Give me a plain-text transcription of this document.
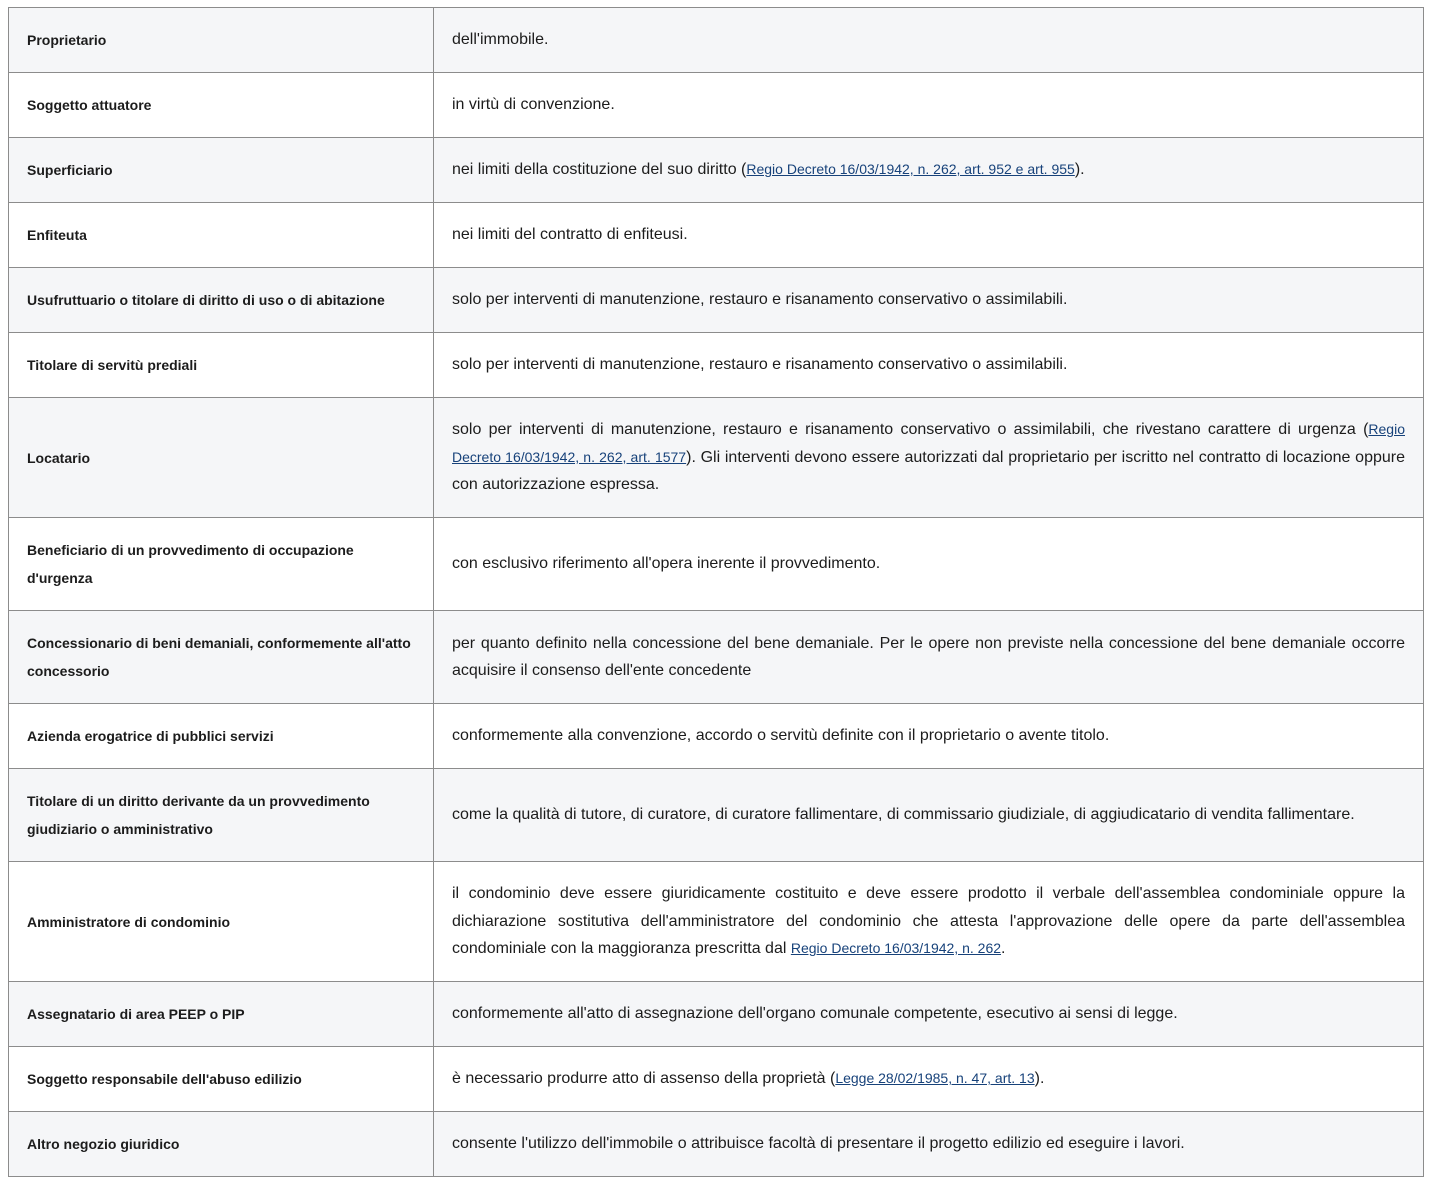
Proprietario	dell'immobile.
Soggetto attuatore	in virtù di convenzione.
Superficiario	nei limiti della costituzione del suo diritto (Regio Decreto 16/03/1942, n. 262, art. 952 e art. 955).
Enfiteuta	nei limiti del contratto di enfiteusi.
Usufruttuario o titolare di diritto di uso o di abitazione	solo per interventi di manutenzione, restauro e risanamento conservativo o assimilabili.
Titolare di servitù prediali	solo per interventi di manutenzione, restauro e risanamento conservativo o assimilabili.
Locatario	solo per interventi di manutenzione, restauro e risanamento conservativo o assimilabili, che rivestano carattere di urgenza (Regio Decreto 16/03/1942, n. 262, art. 1577). Gli interventi devono essere autorizzati dal proprietario per iscritto nel contratto di locazione oppure con autorizzazione espressa.
Beneficiario di un provvedimento di occupazione d'urgenza	con esclusivo riferimento all'opera inerente il provvedimento.
Concessionario di beni demaniali, conformemente all'atto concessorio	per quanto definito nella concessione del bene demaniale. Per le opere non previste nella concessione del bene demaniale occorre acquisire il consenso dell'ente concedente
Azienda erogatrice di pubblici servizi	conformemente alla convenzione, accordo o servitù definite con il proprietario o avente titolo.
Titolare di un diritto derivante da un provvedimento giudiziario o amministrativo	come la qualità di tutore, di curatore, di curatore fallimentare, di commissario giudiziale, di aggiudicatario di vendita fallimentare.
Amministratore di condominio	il condominio deve essere giuridicamente costituito e deve essere prodotto il verbale dell'assemblea condominiale oppure la dichiarazione sostitutiva dell'amministratore del condominio che attesta l'approvazione delle opere da parte dell'assemblea condominiale con la maggioranza prescritta dal Regio Decreto 16/03/1942, n. 262.
Assegnatario di area PEEP o PIP	conformemente all'atto di assegnazione dell'organo comunale competente, esecutivo ai sensi di legge.
Soggetto responsabile dell'abuso edilizio	è necessario produrre atto di assenso della proprietà (Legge 28/02/1985, n. 47, art. 13).
Altro negozio giuridico	consente l'utilizzo dell'immobile o attribuisce facoltà di presentare il progetto edilizio ed eseguire i lavori.
